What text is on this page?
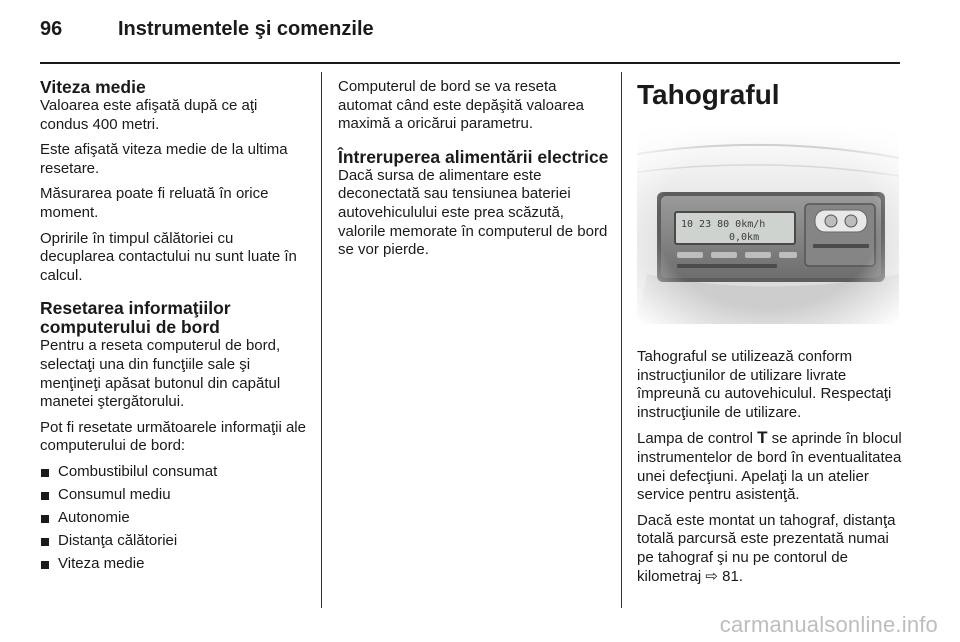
96	Instrumentele şi comenzile
Viteza medie

Valoarea este afişată după ce aţi condus 400 metri.

Este afişată viteza medie de la ultima resetare.

Măsurarea poate fi reluată în orice moment.

Opririle în timpul călătoriei cu decuplarea contactului nu sunt luate în calcul.

Resetarea informaţiilor computerului de bord

Pentru a reseta computerul de bord, selectaţi una din funcţiile sale şi menţineţi apăsat butonul din capătul manetei ştergătorului.

Pot fi resetate următoarele informaţii ale computerului de bord:

Combustibilul consumat
Consumul mediu
Autonomie
Distanţa călătoriei
Viteza medie

Computerul de bord se va reseta automat când este depăşită valoarea maximă a oricărui parametru.

Întreruperea alimentării electrice

Dacă sursa de alimentare este deconectată sau tensiunea bateriei autovehiculului este prea scăzută, valorile memorate în computerul de bord se vor pierde.

Tahograful

Tahograful se utilizează conform instrucţiunilor de utilizare livrate împreună cu autovehiculul. Respectaţi instrucţiunile de utilizare.

Lampa de control T se aprinde în blocul instrumentelor de bord în eventualitatea unei defecţiuni. Apelaţi la un atelier service pentru asistenţă.

Dacă este montat un tahograf, distanţa totală parcursă este prezentată numai pe tahograf şi nu pe contorul de kilometraj ⇨ 81.

carmanualsonline.info
